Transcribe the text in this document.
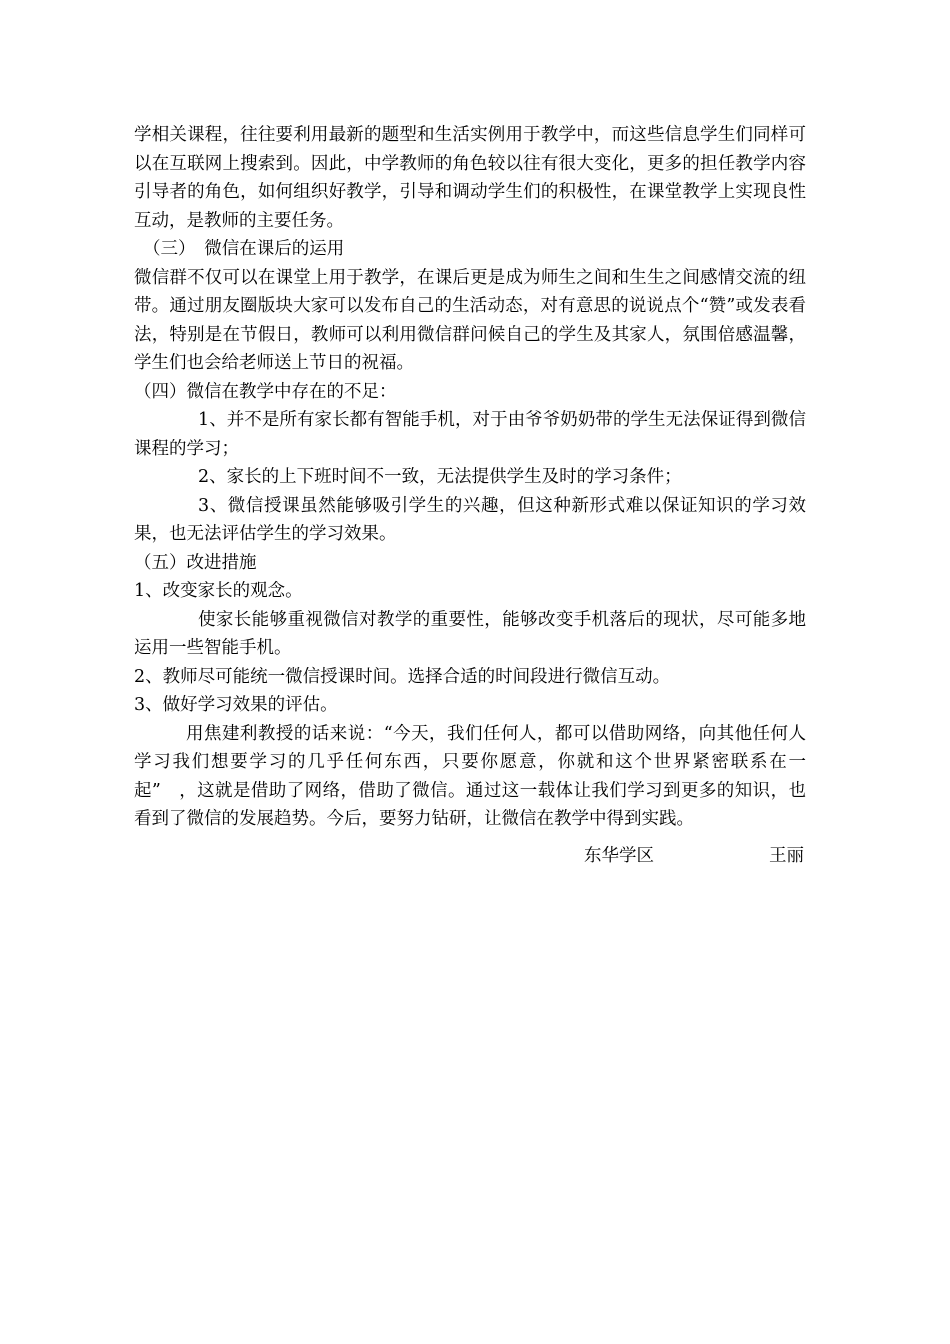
学相关课程，往往要利用最新的题型和生活实例用于教学中，而这些信息学生们同样可以在互联网上搜索到。因此，中学教师的角色较以往有很大变化，更多的担任教学内容引导者的角色，如何组织好教学，引导和调动学生们的积极性，在课堂教学上实现良性互动，是教师的主要任务。

（三）　微信在课后的运用

微信群不仅可以在课堂上用于教学，在课后更是成为师生之间和生生之间感情交流的纽带。通过朋友圈版块大家可以发布自己的生活动态，对有意思的说说点个“赞”或发表看法，特别是在节假日，教师可以利用微信群问候自己的学生及其家人，氛围倍感温馨，学生们也会给老师送上节日的祝福。

（四）微信在教学中存在的不足：

1、并不是所有家长都有智能手机，对于由爷爷奶奶带的学生无法保证得到微信课程的学习；

2、家长的上下班时间不一致，无法提供学生及时的学习条件；

3、微信授课虽然能够吸引学生的兴趣，但这种新形式难以保证知识的学习效果，也无法评估学生的学习效果。

（五）改进措施

1、改变家长的观念。

使家长能够重视微信对教学的重要性，能够改变手机落后的现状，尽可能多地运用一些智能手机。

2、教师尽可能统一微信授课时间。选择合适的时间段进行微信互动。

3、做好学习效果的评估。

用焦建利教授的话来说：“今天，我们任何人，都可以借助网络，向其他任何人学习我们想要学习的几乎任何东西，只要你愿意，你就和这个世界紧密联系在一起”　，这就是借助了网络，借助了微信。通过这一载体让我们学习到更多的知识，也看到了微信的发展趋势。今后，要努力钻研，让微信在教学中得到实践。

东华学区	王丽
